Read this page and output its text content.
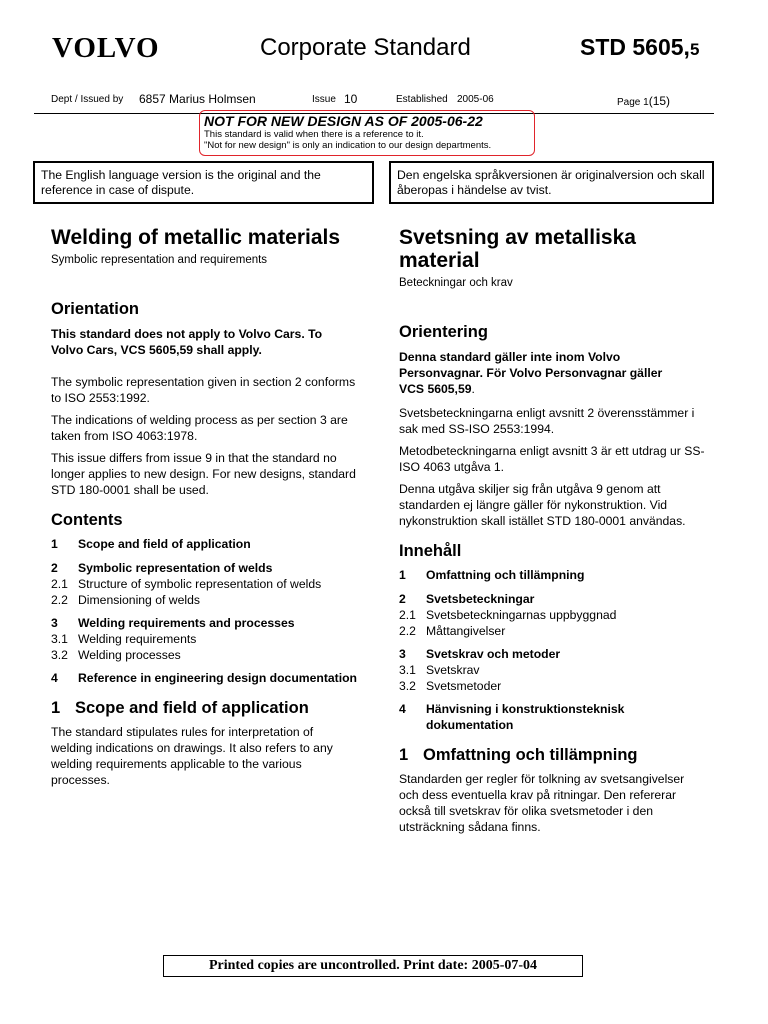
VOLVO	Corporate Standard	STD 5605,5
Dept / Issued by 6857 Marius Holmsen	Issue 10	Established 2005-06	Page 1(15)
NOT FOR NEW DESIGN AS OF 2005-06-22
This standard is valid when there is a reference to it.
"Not for new design" is only an indication to our design departments.
The English language version is the original and the reference in case of dispute.
Den engelska språkversionen är originalversion och skall åberopas i händelse av tvist.
Welding of metallic materials

Symbolic representation and requirements

Orientation

This standard does not apply to Volvo Cars. To Volvo Cars, VCS 5605,59 shall apply.

The symbolic representation given in section 2 conforms to ISO 2553:1992.

The indications of welding process as per section 3 are taken from ISO 4063:1978.

This issue differs from issue 9 in that the standard no longer applies to new design. For new designs, standard STD 180-0001 shall be used.

Contents
1	Scope and field of application
2	Symbolic representation of welds
2.1 Structure of symbolic representation of welds
2.2 Dimensioning of welds
3	Welding requirements and processes
3.1 Welding requirements
3.2 Welding processes
4	Reference in engineering design documentation
1 Scope and field of application

The standard stipulates rules for interpretation of welding indications on drawings. It also refers to any welding requirements applicable to the various processes.

Svetsning av metalliska material

Beteckningar och krav

Orientering

Denna standard gäller inte inom Volvo Personvagnar. För Volvo Personvagnar gäller
VCS 5605,59.

Svetsbeteckningarna enligt avsnitt 2 överensstämmer i sak med SS-ISO 2553:1994.

Metodbeteckningarna enligt avsnitt 3 är ett utdrag ur SS-ISO 4063 utgåva 1.

Denna utgåva skiljer sig från utgåva 9 genom att standarden ej längre gäller för nykonstruktion. Vid nykonstruktion skall istället STD 180-0001 användas.

Innehåll
1	Omfattning och tillämpning
2	Svetsbeteckningar
2.1 Svetsbeteckningarnas uppbyggnad
2.2 Måttangivelser
3	Svetskrav och metoder
3.1 Svetskrav
3.2 Svetsmetoder
4	Hänvisning i konstruktionsteknisk dokumentation
1 Omfattning och tillämpning

Standarden ger regler för tolkning av svetsangivelser och dess eventuella krav på ritningar. Den refererar också till svetskrav för olika svetsmetoder i den utsträckning sådana finns.

Printed copies are uncontrolled. Print date: 2005-07-04
